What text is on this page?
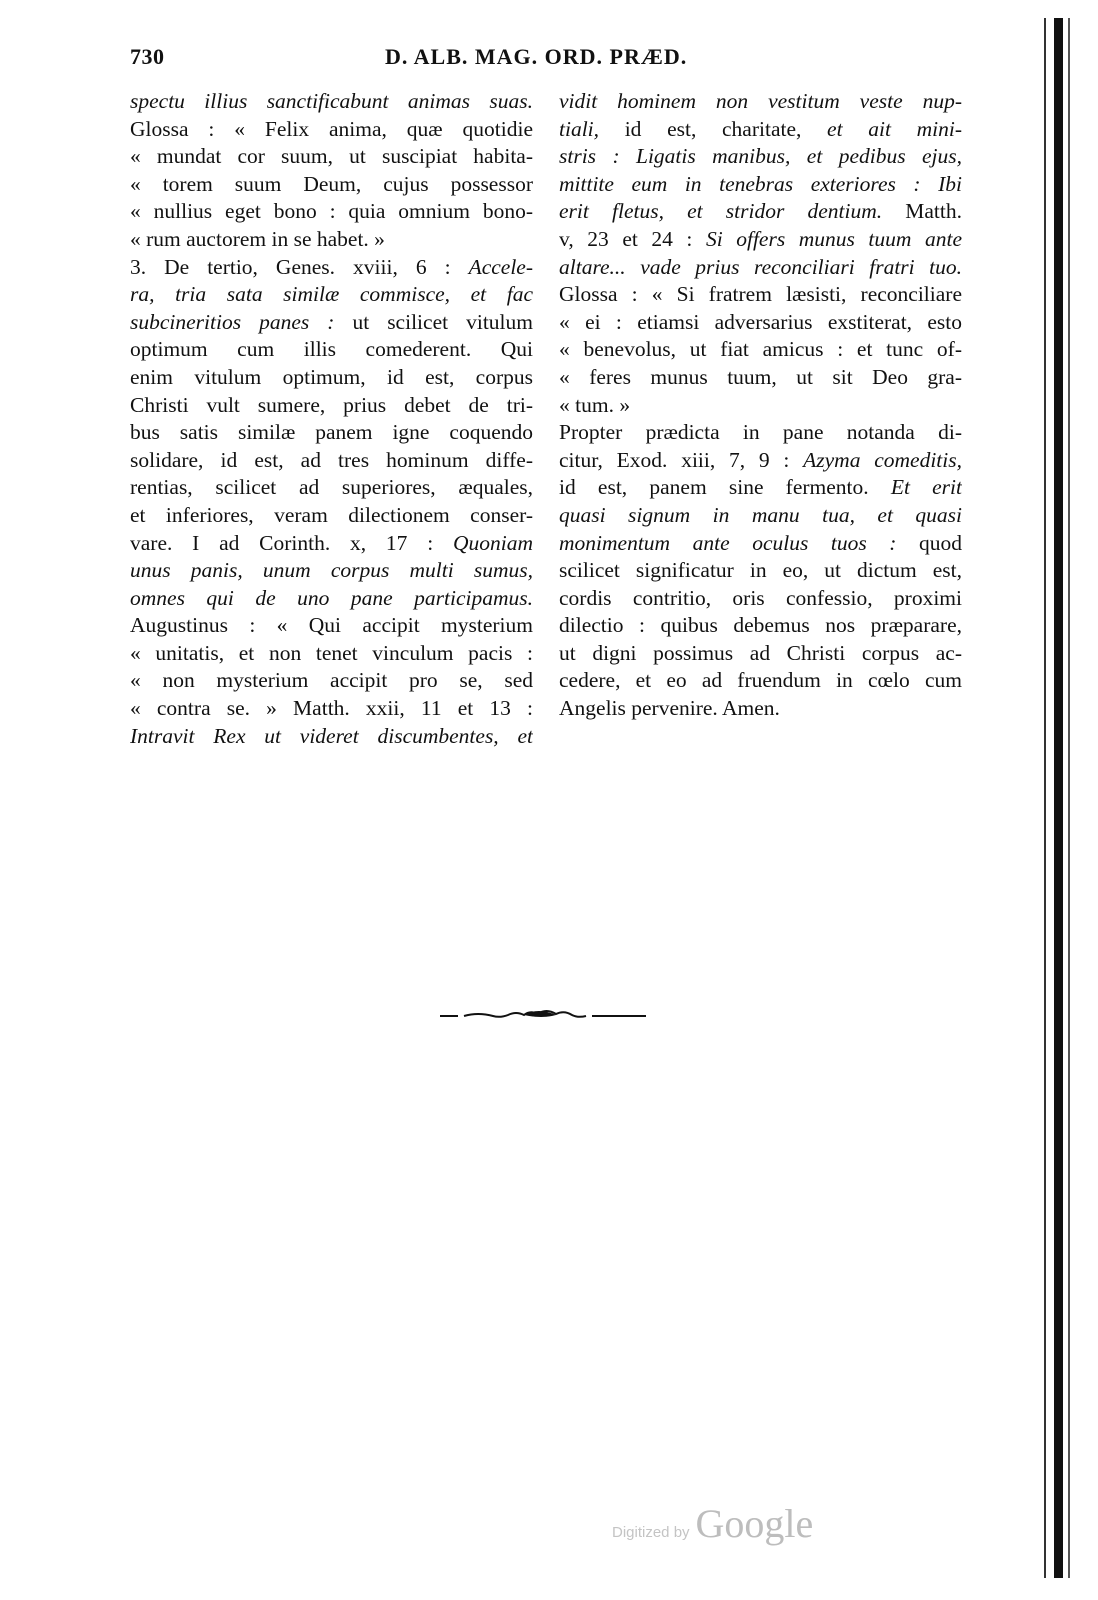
730	D. ALB. MAG. ORD. PRÆD.
spectu illius sanctificabunt animas suas.
Glossa : « Felix anima, quæ quotidie
« mundat cor suum, ut suscipiat habita-
« torem suum Deum, cujus possessor
« nullius eget bono : quia omnium bono-
« rum auctorem in se habet. »
3. De tertio, Genes. xviii, 6 : Accele-
ra, tria sata similæ commisce, et fac
subcineritios panes : ut scilicet vitulum
optimum cum illis comederent. Qui
enim vitulum optimum, id est, corpus
Christi vult sumere, prius debet de tri-
bus satis similæ panem igne coquendo
solidare, id est, ad tres hominum diffe-
rentias, scilicet ad superiores, æquales,
et inferiores, veram dilectionem conser-
vare. I ad Corinth. x, 17 : Quoniam
unus panis, unum corpus multi sumus,
omnes qui de uno pane participamus.
Augustinus : « Qui accipit mysterium
« unitatis, et non tenet vinculum pacis :
« non mysterium accipit pro se, sed
« contra se. » Matth. xxii, 11 et 13 :
Intravit Rex ut videret discumbentes, et
vidit hominem non vestitum veste nup-
tiali, id est, charitate, et ait mini-
stris : Ligatis manibus, et pedibus ejus,
mittite eum in tenebras exteriores : Ibi
erit fletus, et stridor dentium. Matth.
v, 23 et 24 : Si offers munus tuum ante
altare... vade prius reconciliari fratri tuo.
Glossa : « Si fratrem læsisti, reconciliare
« ei : etiamsi adversarius exstiterat, esto
« benevolus, ut fiat amicus : et tunc of-
« feres munus tuum, ut sit Deo gra-
« tum. »
Propter prædicta in pane notanda di-
citur, Exod. xiii, 7, 9 : Azyma comeditis,
id est, panem sine fermento. Et erit
quasi signum in manu tua, et quasi
monimentum ante oculus tuos : quod
scilicet significatur in eo, ut dictum est,
cordis contritio, oris confessio, proximi
dilectio : quibus debemus nos præparare,
ut digni possimus ad Christi corpus ac-
cedere, et eo ad fruendum in cœlo cum
Angelis pervenire. Amen.
Digitized by Google
